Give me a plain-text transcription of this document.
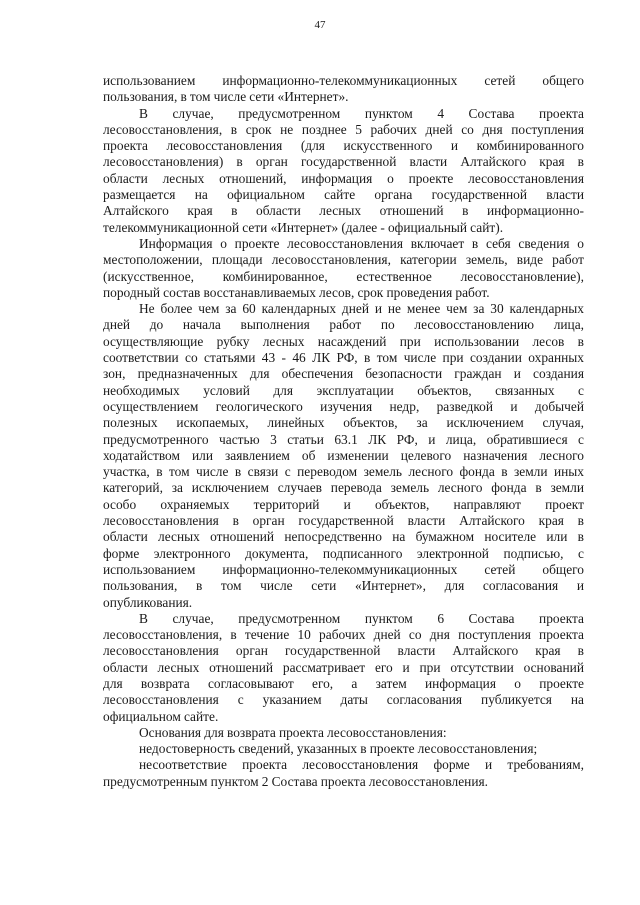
47

использованием информационно-телекоммуникационных сетей общего
пользования, в том числе сети «Интернет».

В случае, предусмотренном пунктом 4 Состава проекта
лесовосстановления, в срок не позднее 5 рабочих дней со дня поступления
проекта лесовосстановления (для искусственного и комбинированного
лесовосстановления) в орган государственной власти Алтайского края в
области лесных отношений, информация о проекте лесовосстановления
размещается на официальном сайте органа государственной власти
Алтайского края в области лесных отношений в информационно-
телекоммуникационной сети «Интернет» (далее - официальный сайт).

Информация о проекте лесовосстановления включает в себя сведения о
местоположении, площади лесовосстановления, категории земель, виде работ
(искусственное, комбинированное, естественное лесовосстановление),
породный состав восстанавливаемых лесов, срок проведения работ.

Не более чем за 60 календарных дней и не менее чем за 30 календарных
дней до начала выполнения работ по лесовосстановлению лица,
осуществляющие рубку лесных насаждений при использовании лесов в
соответствии со статьями 43 - 46 ЛК РФ, в том числе при создании охранных
зон, предназначенных для обеспечения безопасности граждан и создания
необходимых условий для эксплуатации объектов, связанных с
осуществлением геологического изучения недр, разведкой и добычей
полезных ископаемых, линейных объектов, за исключением случая,
предусмотренного частью 3 статьи 63.1 ЛК РФ, и лица, обратившиеся с
ходатайством или заявлением об изменении целевого назначения лесного
участка, в том числе в связи с переводом земель лесного фонда в земли иных
категорий, за исключением случаев перевода земель лесного фонда в земли
особо охраняемых территорий и объектов, направляют проект
лесовосстановления в орган государственной власти Алтайского края в
области лесных отношений непосредственно на бумажном носителе или в
форме электронного документа, подписанного электронной подписью, с
использованием информационно-телекоммуникационных сетей общего
пользования, в том числе сети «Интернет», для согласования и
опубликования.

В случае, предусмотренном пунктом 6 Состава проекта
лесовосстановления, в течение 10 рабочих дней со дня поступления проекта
лесовосстановления орган государственной власти Алтайского края в
области лесных отношений рассматривает его и при отсутствии оснований
для возврата согласовывают его, а затем информация о проекте
лесовосстановления с указанием даты согласования публикуется на
официальном сайте.

Основания для возврата проекта лесовосстановления:

недостоверность сведений, указанных в проекте лесовосстановления;

несоответствие проекта лесовосстановления форме и требованиям,
предусмотренным пунктом 2 Состава проекта лесовосстановления.
